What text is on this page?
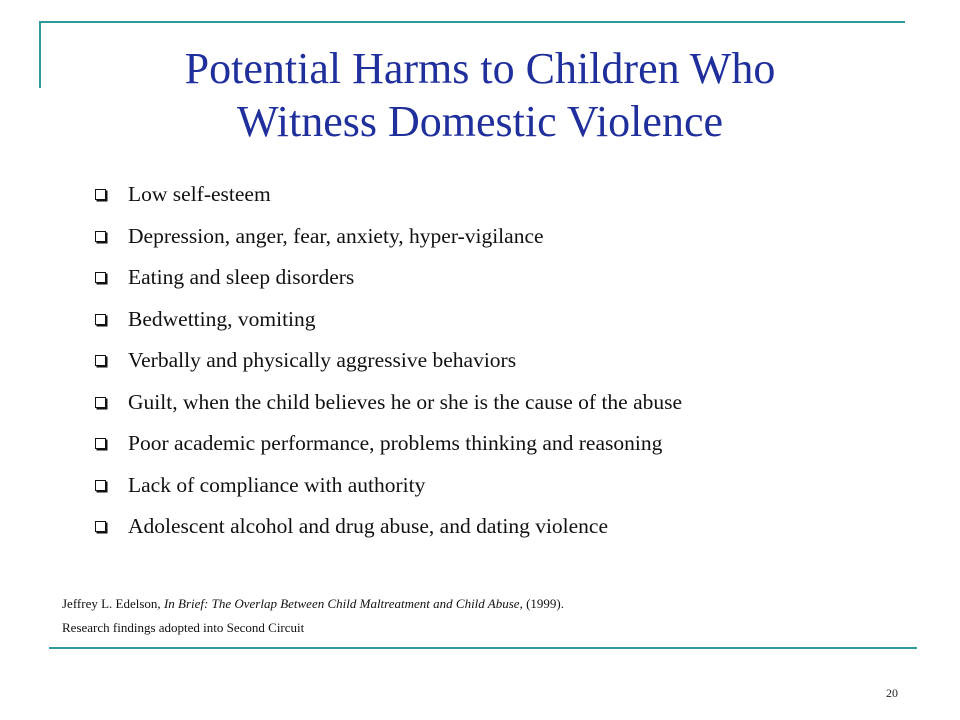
Potential Harms to Children Who
Witness Domestic Violence
Low self-esteem
Depression, anger, fear, anxiety, hyper-vigilance
Eating and sleep disorders
Bedwetting, vomiting
Verbally and physically aggressive behaviors
Guilt, when the child believes he or she is the cause of the abuse
Poor academic performance, problems thinking and reasoning
Lack of compliance with authority
Adolescent alcohol and drug abuse, and dating violence
Jeffrey L. Edelson, In Brief: The Overlap Between Child Maltreatment and Child Abuse, (1999).
Research findings adopted into Second Circuit
20
